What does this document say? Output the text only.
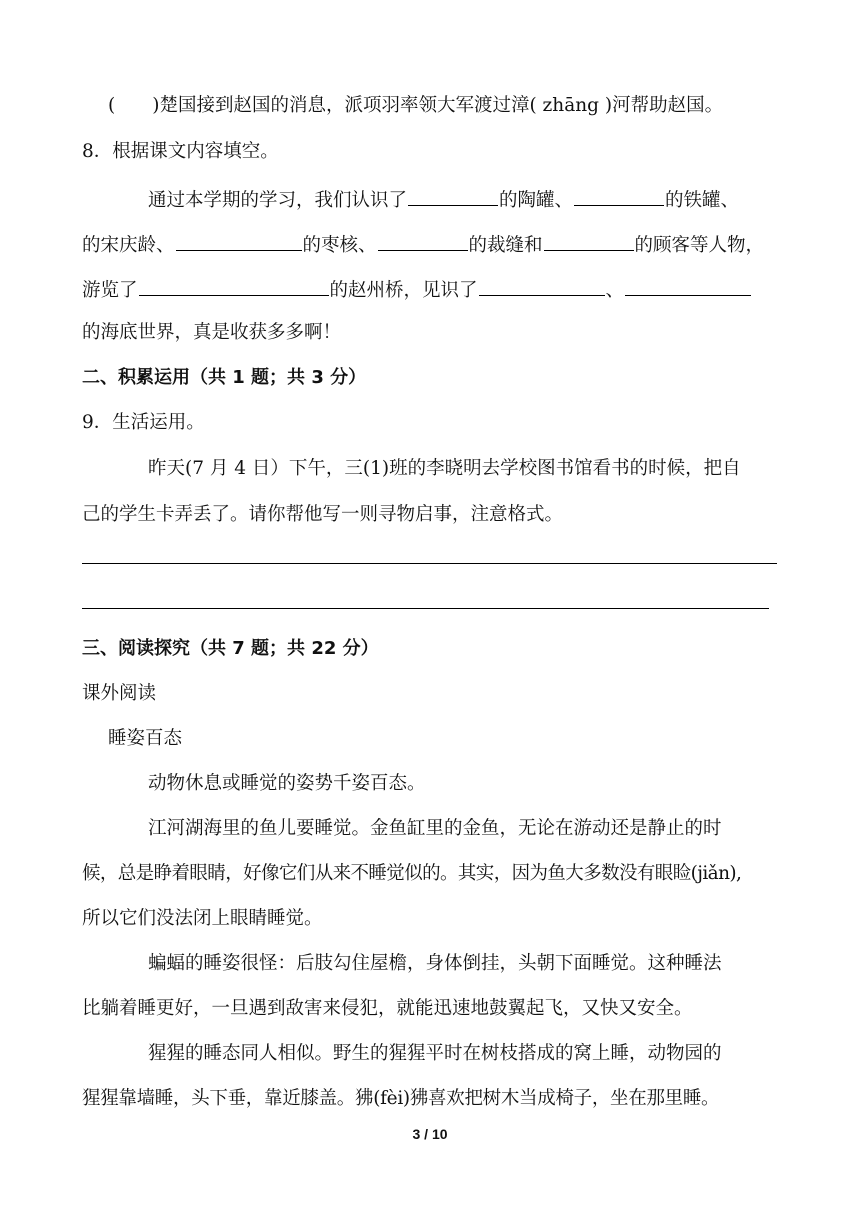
(　　)楚国接到赵国的消息，派项羽率领大军渡过漳( zhāng )河帮助赵国。
8．根据课文内容填空。
通过本学期的学习，我们认识了	的陶罐、	的铁罐、
的宋庆龄、	的枣核、	的裁缝和	的顾客等人物，
游览了	的赵州桥，见识了	、
的海底世界，真是收获多多啊！
二、积累运用（共 1 题；共 3 分）
9．生活运用。
昨天(7 月 4 日）下午，三(1)班的李晓明去学校图书馆看书的时候，把自
己的学生卡弄丢了。请你帮他写一则寻物启事，注意格式。
三、阅读探究（共 7 题；共 22 分）
课外阅读
睡姿百态
动物休息或睡觉的姿势千姿百态。
江河湖海里的鱼儿要睡觉。金鱼缸里的金鱼，无论在游动还是静止的时
候，总是睁着眼睛，好像它们从来不睡觉似的。其实，因为鱼大多数没有眼睑(jiǎn),
所以它们没法闭上眼睛睡觉。
蝙蝠的睡姿很怪：后肢勾住屋檐，身体倒挂，头朝下面睡觉。这种睡法
比躺着睡更好，一旦遇到敌害来侵犯，就能迅速地鼓翼起飞，又快又安全。
猩猩的睡态同人相似。野生的猩猩平时在树枝搭成的窝上睡，动物园的
猩猩靠墙睡，头下垂，靠近膝盖。狒(fèi)狒喜欢把树木当成椅子，坐在那里睡。
3 / 10
